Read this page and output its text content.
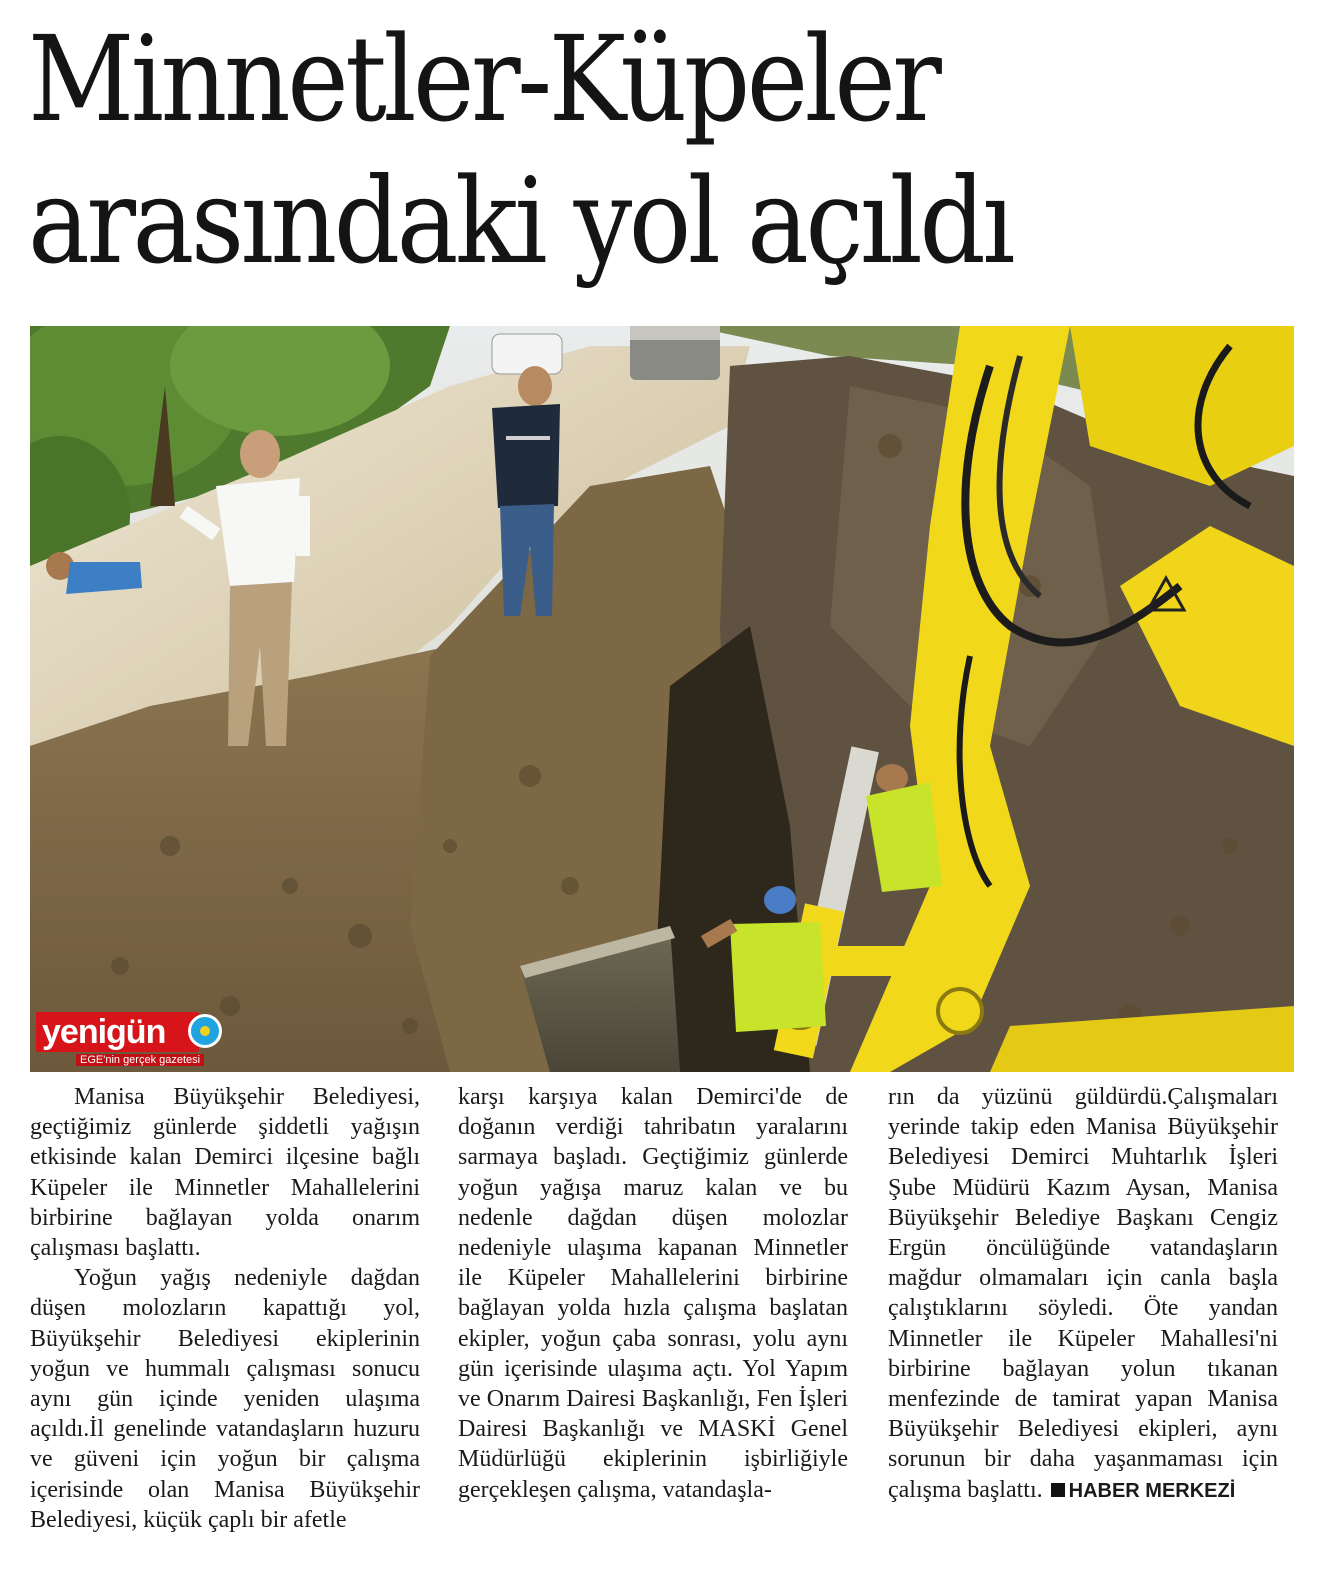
Minnetler-Küpeler
arasındaki yol açıldı
yenigün
EGE'nin gerçek gazetesi

Manisa Büyükşehir Belediyesi, geçtiğimiz günlerde şiddetli yağışın etkisinde kalan Demirci ilçesine bağlı Küpeler ile Minnetler Mahallelerini birbirine bağlayan yolda onarım çalışması başlattı.

Yoğun yağış nedeniyle dağdan düşen molozların kapattığı yol, Büyükşehir Belediyesi ekiplerinin yoğun ve hummalı çalışması sonucu aynı gün içinde yeniden ulaşıma açıldı.İl genelinde vatandaşların huzuru ve güveni için yoğun bir çalışma içerisinde olan Manisa Büyükşehir Belediyesi, küçük çaplı bir afetle

karşı karşıya kalan Demirci'de de doğanın verdiği tahribatın yaralarını sarmaya başladı. Geçtiğimiz günlerde yoğun yağışa maruz kalan ve bu nedenle dağdan düşen molozlar nedeniyle ulaşıma kapanan Minnetler ile Küpeler Mahallelerini birbirine bağlayan yolda hızla çalışma başlatan ekipler, yoğun çaba sonrası, yolu aynı gün içerisinde ulaşıma açtı. Yol Yapım ve Onarım Dairesi Başkanlığı, Fen İşleri Dairesi Başkanlığı ve MASKİ Genel Müdürlüğü ekiplerinin işbirliğiyle gerçekleşen çalışma, vatandaşla-

rın da yüzünü güldürdü.Çalışmaları yerinde takip eden Manisa Büyükşehir Belediyesi Demirci Muhtarlık İşleri Şube Müdürü Kazım Aysan, Manisa Büyükşehir Belediye Başkanı Cengiz Ergün öncülüğünde vatandaşların mağdur olmamaları için canla başla çalıştıklarını söyledi. Öte yandan Minnetler ile Küpeler Mahallesi'ni birbirine bağlayan yolun tıkanan menfezinde de tamirat yapan Manisa Büyükşehir Belediyesi ekipleri, aynı sorunun bir daha yaşanmaması için çalışma başlattı. HABER MERKEZİ
